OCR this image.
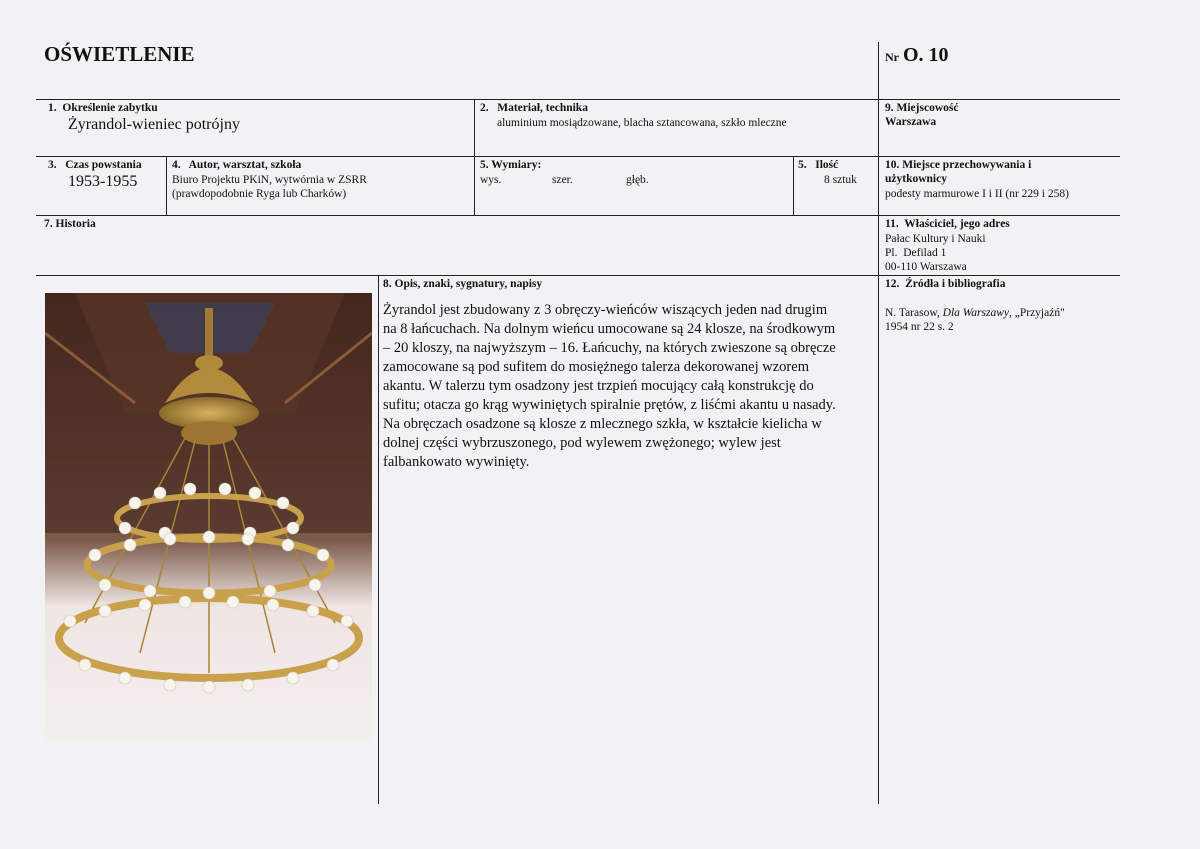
OŚWIETLENIE	Nr O. 10
1.  Określenie zabytku
Żyrandol-wieniec potrójny
2.   Materiał, technika
aluminium mosiądzowane, blacha sztancowana, szkło mleczne
9. Miejscowość
Warszawa
3.   Czas powstania
1953-1955
4.   Autor, warsztat, szkoła
Biuro Projektu PKiN, wytwórnia w ZSRR
(prawdopodobnie Ryga lub Charków)
5. Wymiary:
wys.	szer.	głęb.
5.   Ilość
8 sztuk
10. Miejsce przechowywania i
użytkownicy
podesty marmurowe I i II (nr 229 i 258)
7. Historia	11.  Właściciel, jego adres
Pałac Kultury i Nauki
Pl.  Defilad 1
00-110 Warszawa
8. Opis, znaki, sygnatury, napisy
Żyrandol jest zbudowany z 3 obręczy-wieńców wiszących jeden nad drugim
na 8 łańcuchach. Na dolnym wieńcu umocowane są 24 klosze, na środkowym
– 20 kloszy, na najwyższym – 16. Łańcuchy, na których zwieszone są obręcze
zamocowane są pod sufitem do mosiężnego talerza dekorowanej wzorem
akantu. W talerzu tym osadzony jest trzpień mocujący całą konstrukcję do
sufitu; otacza go krąg wywiniętych spiralnie prętów, z liśćmi akantu u nasady.
Na obręczach osadzone są klosze z mlecznego szkła, w kształcie kielicha w
dolnej części wybrzuszonego, pod wylewem zwężonego; wylew jest
falbankowato wywinięty.
12.  Źródła i bibliografia
N. Tarasow, Dla Warszawy, „Przyjaźń"
1954 nr 22 s. 2
